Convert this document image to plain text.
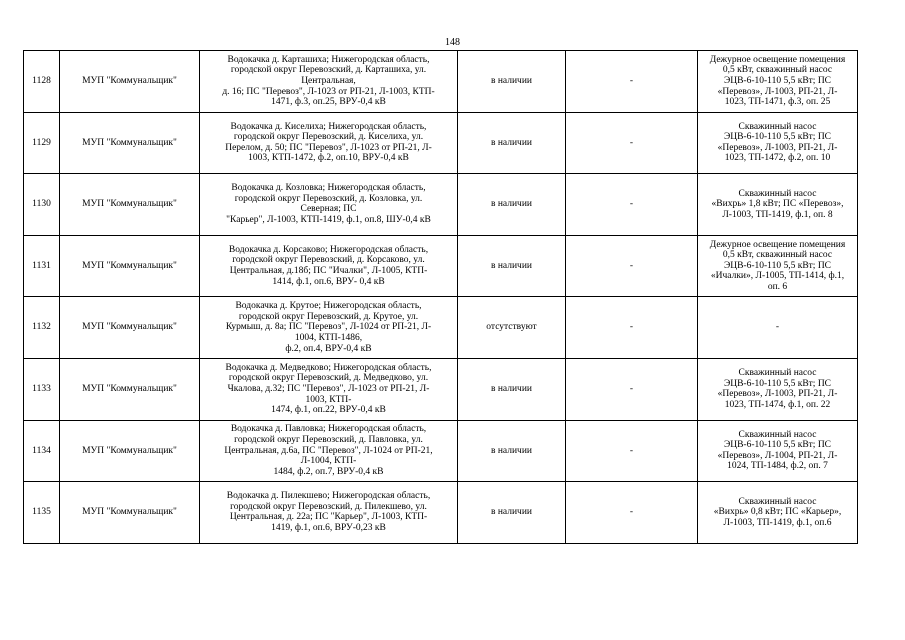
148
1128	МУП "Коммунальщик"	Водокачка д. Карташиха; Нижегородская область,
городской округ Перевозский, д. Карташиха, ул.
Центральная,
д. 16; ПС "Перевоз", Л-1023 от РП-21, Л-1003, КТП-
1471, ф.3, оп.25, ВРУ-0,4 кВ	в наличии	-	Дежурное освещение помещения
0,5 кВт, скважинный насос
ЭЦВ-6-10-110 5,5 кВт; ПС
«Перевоз», Л-1003, РП-21, Л-
1023, ТП-1471, ф.3, оп. 25
1129	МУП "Коммунальщик"	Водокачка д. Киселиха; Нижегородская область,
городской округ Перевозский, д. Киселиха, ул.
Перелом, д. 50; ПС "Перевоз", Л-1023 от РП-21, Л-
1003, КТП-1472, ф.2, оп.10, ВРУ-0,4 кВ	в наличии	-	Скважинный насос
ЭЦВ-6-10-110 5,5 кВт; ПС
«Перевоз», Л-1003, РП-21, Л-
1023, ТП-1472, ф.2, оп. 10
1130	МУП "Коммунальщик"	Водокачка д. Козловка; Нижегородская область,
городской округ Перевозский, д. Козловка, ул.
Северная; ПС
"Карьер", Л-1003, КТП-1419, ф.1, оп.8, ШУ-0,4 кВ	в наличии	-	Скважинный насос
«Вихрь» 1,8 кВт; ПС «Перевоз»,
Л-1003, ТП-1419, ф.1, оп. 8
1131	МУП "Коммунальщик"	Водокачка д. Корсаково; Нижегородская область,
городской округ Перевозский, д. Корсаково, ул.
Центральная, д.18б; ПС "Ичалки", Л-1005, КТП-
1414, ф.1, оп.6, ВРУ- 0,4 кВ	в наличии	-	Дежурное освещение помещения
0,5 кВт, скважинный насос
ЭЦВ-6-10-110 5,5 кВт; ПС
«Ичалки», Л-1005, ТП-1414, ф.1,
оп. 6
1132	МУП "Коммунальщик"	Водокачка д. Крутое; Нижегородская область,
городской округ Перевозский, д. Крутое, ул.
Курмыш, д. 8а; ПС "Перевоз", Л-1024 от РП-21, Л-
1004, КТП-1486,
ф.2, оп.4, ВРУ-0,4 кВ	отсутствуют	-	-
1133	МУП "Коммунальщик"	Водокачка д. Медведково; Нижегородская область,
городской округ Перевозский, д. Медведково, ул.
Чкалова, д.32; ПС "Перевоз", Л-1023 от РП-21, Л-
1003, КТП-
1474, ф.1, оп.22, ВРУ-0,4 кВ	в наличии	-	Скважинный насос
ЭЦВ-6-10-110 5,5 кВт; ПС
«Перевоз», Л-1003, РП-21, Л-
1023, ТП-1474, ф.1, оп. 22
1134	МУП "Коммунальщик"	Водокачка д. Павловка; Нижегородская область,
городской округ Перевозский, д. Павловка, ул.
Центральная, д.6а, ПС "Перевоз", Л-1024 от РП-21,
Л-1004, КТП-
1484, ф.2, оп.7, ВРУ-0,4 кВ	в наличии	-	Скважинный насос
ЭЦВ-6-10-110 5,5 кВт; ПС
«Перевоз», Л-1004, РП-21, Л-
1024, ТП-1484, ф.2, оп. 7
1135	МУП "Коммунальщик"	Водокачка д. Пилекшево; Нижегородская область,
городской округ Перевозский, д. Пилекшево, ул.
Центральная, д. 22а; ПС "Карьер", Л-1003, КТП-
1419, ф.1, оп.6, ВРУ-0,23 кВ	в наличии	-	Скважинный насос
«Вихрь» 0,8 кВт; ПС «Карьер»,
Л-1003, ТП-1419, ф.1, оп.6
